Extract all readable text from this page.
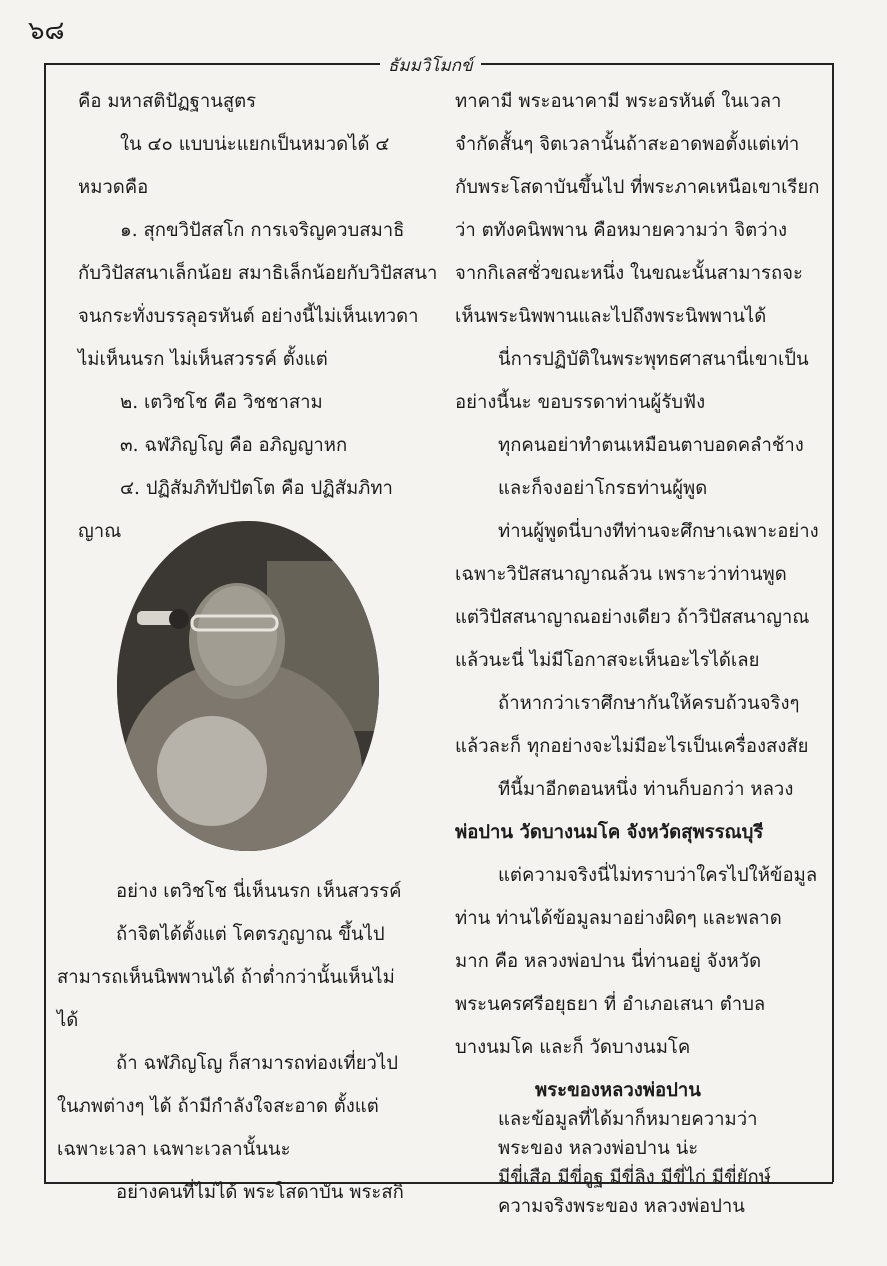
๖๘
ธัมมวิโมกข์
คือ มหาสติปัฏฐานสูตร
ใน ๔๐ แบบน่ะแยกเป็นหมวดได้ ๔
หมวดคือ
๑. สุกขวิปัสสโก การเจริญควบสมาธิ
กับวิปัสสนาเล็กน้อย สมาธิเล็กน้อยกับวิปัสสนา
จนกระทั่งบรรลุอรหันต์ อย่างนี้ไม่เห็นเทวดา
ไม่เห็นนรก ไม่เห็นสวรรค์ ตั้งแต่
๒. เตวิชโช คือ วิชชาสาม
๓. ฉฬภิญโญ คือ อภิญญาหก
๔. ปฏิสัมภิทัปปัตโต คือ ปฏิสัมภิทา
ญาณ
อย่าง เตวิชโช นี่เห็นนรก เห็นสวรรค์
ถ้าจิตได้ตั้งแต่ โคตรภูญาณ ขึ้นไป
สามารถเห็นนิพพานได้ ถ้าต่ำกว่านั้นเห็นไม่
ได้
ถ้า ฉฬภิญโญ ก็สามารถท่องเที่ยวไป
ในภพต่างๆ ได้ ถ้ามีกำลังใจสะอาด ตั้งแต่
เฉพาะเวลา เฉพาะเวลานั้นนะ
อย่างคนที่ไม่ได้ พระโสดาบัน พระสกิ
ทาคามี พระอนาคามี พระอรหันต์ ในเวลา
จำกัดสั้นๆ จิตเวลานั้นถ้าสะอาดพอตั้งแต่เท่า
กับพระโสดาบันขึ้นไป ที่พระภาคเหนือเขาเรียก
ว่า ตทังคนิพพาน คือหมายความว่า จิตว่าง
จากกิเลสชั่วขณะหนึ่ง ในขณะนั้นสามารถจะ
เห็นพระนิพพานและไปถึงพระนิพพานได้
นี่การปฏิบัติในพระพุทธศาสนานี่เขาเป็น
อย่างนี้นะ ขอบรรดาท่านผู้รับฟัง
ทุกคนอย่าทำตนเหมือนตาบอดคลำช้าง
และก็จงอย่าโกรธท่านผู้พูด
ท่านผู้พูดนี่บางทีท่านจะศึกษาเฉพาะอย่าง
เฉพาะวิปัสสนาญาณล้วน เพราะว่าท่านพูด
แต่วิปัสสนาญาณอย่างเดียว ถ้าวิปัสสนาญาณ
แล้วนะนี่ ไม่มีโอกาสจะเห็นอะไรได้เลย
ถ้าหากว่าเราศึกษากันให้ครบถ้วนจริงๆ
แล้วละก็ ทุกอย่างจะไม่มีอะไรเป็นเครื่องสงสัย
ทีนี้มาอีกตอนหนึ่ง ท่านก็บอกว่า หลวง
พ่อปาน วัดบางนมโค จังหวัดสุพรรณบุรี
แต่ความจริงนี่ไม่ทราบว่าใครไปให้ข้อมูล
ท่าน ท่านได้ข้อมูลมาอย่างผิดๆ และพลาด
มาก คือ หลวงพ่อปาน นี่ท่านอยู่ จังหวัด
พระนครศรีอยุธยา ที่ อำเภอเสนา ตำบล
บางนมโค และก็ วัดบางนมโค
พระของหลวงพ่อปาน
และข้อมูลที่ได้มาก็หมายความว่า
พระของ หลวงพ่อปาน น่ะ
มีขี่เสือ มีขี่อูฐ มีขี่ลิง มีขี่ไก่ มีขี่ยักษ์
ความจริงพระของ หลวงพ่อปาน
